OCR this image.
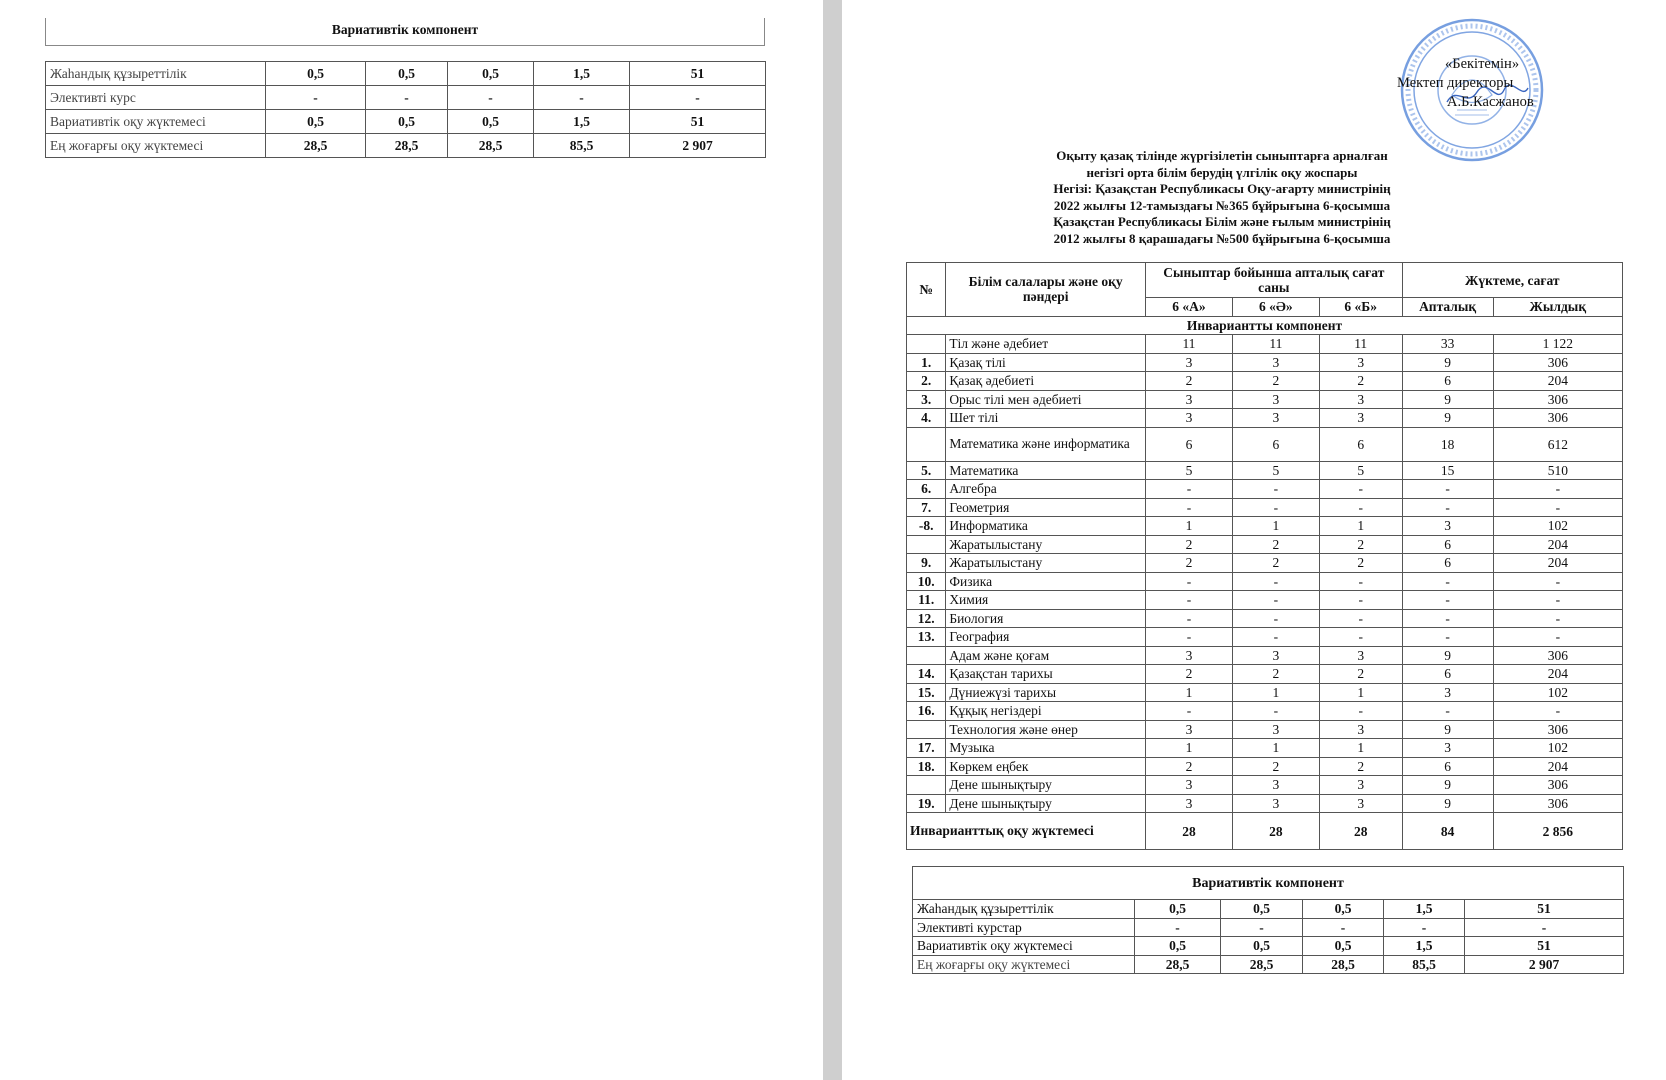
Вариативтік компонент
Жаһандық құзыреттілік	0,5	0,5	0,5	1,5	51
Элективті курс	-	-	-	-	-
Вариативтік оқу жүктемесі	0,5	0,5	0,5	1,5	51
Ең жоғарғы оқу жүктемесі	28,5	28,5	28,5	85,5	2 907
«Бекітемін»
Мектеп директоры
А.Б.Касжанов
Оқыту қазақ тілінде жүргізілетін сыныптарға арналған
негізгі орта білім берудің үлгілік оқу жоспары
Негізі: Қазақстан Республикасы Оқу-ағарту министрінің
2022 жылғы 12-тамыздағы №365 бұйрығына 6-қосымша
Қазақстан Республикасы Білім және ғылым министрінің
2012 жылғы 8 қарашадағы №500 бұйрығына 6-қосымша
№	Білім салалары және оқу пәндері	Сыныптар бойынша апталық сағат саны			Жүктеме, сағат	
		6 «А»	6 «Ә»	6 «Б»	Апталық	Жылдық
Инвариантты компонент						
	Тіл және әдебиет	11	11	11	33	1 122
1.	Қазақ тілі	3	3	3	9	306
2.	Қазақ әдебиеті	2	2	2	6	204
3.	Орыс тілі мен әдебиеті	3	3	3	9	306
4.	Шет тілі	3	3	3	9	306
	Математика және информатика	6	6	6	18	612
5.	Математика	5	5	5	15	510
6.	Алгебра	-	-	-	-	-
7.	Геометрия	-	-	-	-	-
-8.	Информатика	1	1	1	3	102
	Жаратылыстану	2	2	2	6	204
9.	Жаратылыстану	2	2	2	6	204
10.	Физика	-	-	-	-	-
11.	Химия	-	-	-	-	-
12.	Биология	-	-	-	-	-
13.	География	-	-	-	-	-
	Адам және қоғам	3	3	3	9	306
14.	Қазақстан тарихы	2	2	2	6	204
15.	Дүниежүзі тарихы	1	1	1	3	102
16.	Құқық негіздері	-	-	-	-	-
	Технология және өнер	3	3	3	9	306
17.	Музыка	1	1	1	3	102
18.	Көркем еңбек	2	2	2	6	204
	Дене шынықтыру	3	3	3	9	306
19.	Дене шынықтыру	3	3	3	9	306
Инварианттық оқу жүктемесі		28	28	28	84	2 856
Вариативтік компонент
Жаһандық құзыреттілік	0,5	0,5	0,5	1,5	51
Элективті курстар	-	-	-	-	-
Вариативтік оқу жүктемесі	0,5	0,5	0,5	1,5	51
Ең жоғарғы оқу жүктемесі	28,5	28,5	28,5	85,5	2 907
